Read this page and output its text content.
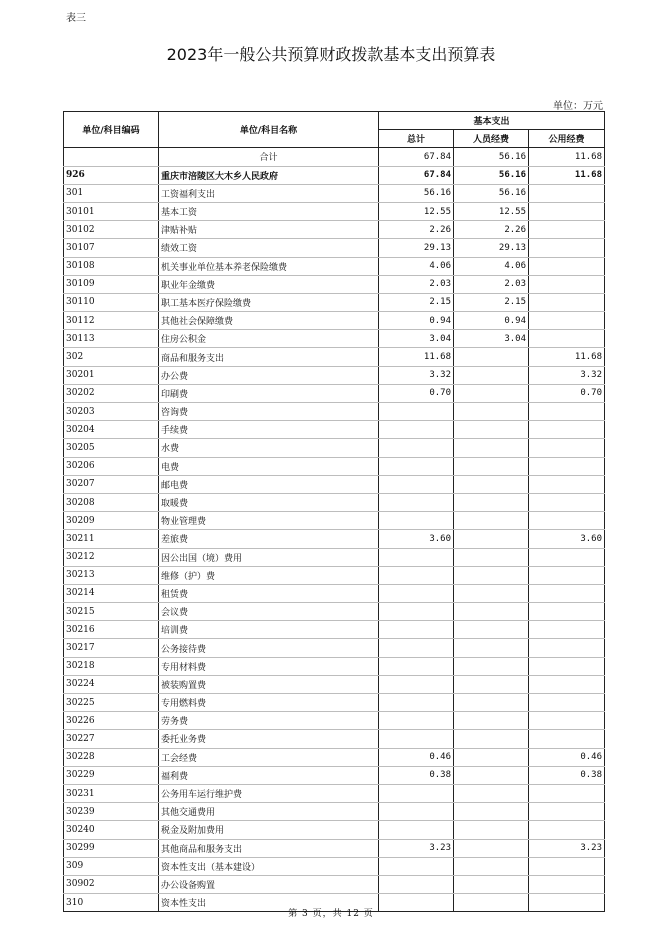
表三
2023年一般公共预算财政拨款基本支出预算表
单位：万元
单位/科目编码	单位/科目名称	基本支出		
		总计	人员经费	公用经费
	合计	67.84	56.16	11.68
926	重庆市涪陵区大木乡人民政府	67.84	56.16	11.68
301	工资福利支出	56.16	56.16	
30101	基本工资	12.55	12.55	
30102	津贴补贴	2.26	2.26	
30107	绩效工资	29.13	29.13	
30108	机关事业单位基本养老保险缴费	4.06	4.06	
30109	职业年金缴费	2.03	2.03	
30110	职工基本医疗保险缴费	2.15	2.15	
30112	其他社会保障缴费	0.94	0.94	
30113	住房公积金	3.04	3.04	
302	商品和服务支出	11.68		11.68
30201	办公费	3.32		3.32
30202	印刷费	0.70		0.70
30203	咨询费			
30204	手续费			
30205	水费			
30206	电费			
30207	邮电费			
30208	取暖费			
30209	物业管理费			
30211	差旅费	3.60		3.60
30212	因公出国（境）费用			
30213	维修（护）费			
30214	租赁费			
30215	会议费			
30216	培训费			
30217	公务接待费			
30218	专用材料费			
30224	被装购置费			
30225	专用燃料费			
30226	劳务费			
30227	委托业务费			
30228	工会经费	0.46		0.46
30229	福利费	0.38		0.38
30231	公务用车运行维护费			
30239	其他交通费用			
30240	税金及附加费用			
30299	其他商品和服务支出	3.23		3.23
309	资本性支出（基本建设）			
30902	办公设备购置			
310	资本性支出			
第 3 页，共 12 页
